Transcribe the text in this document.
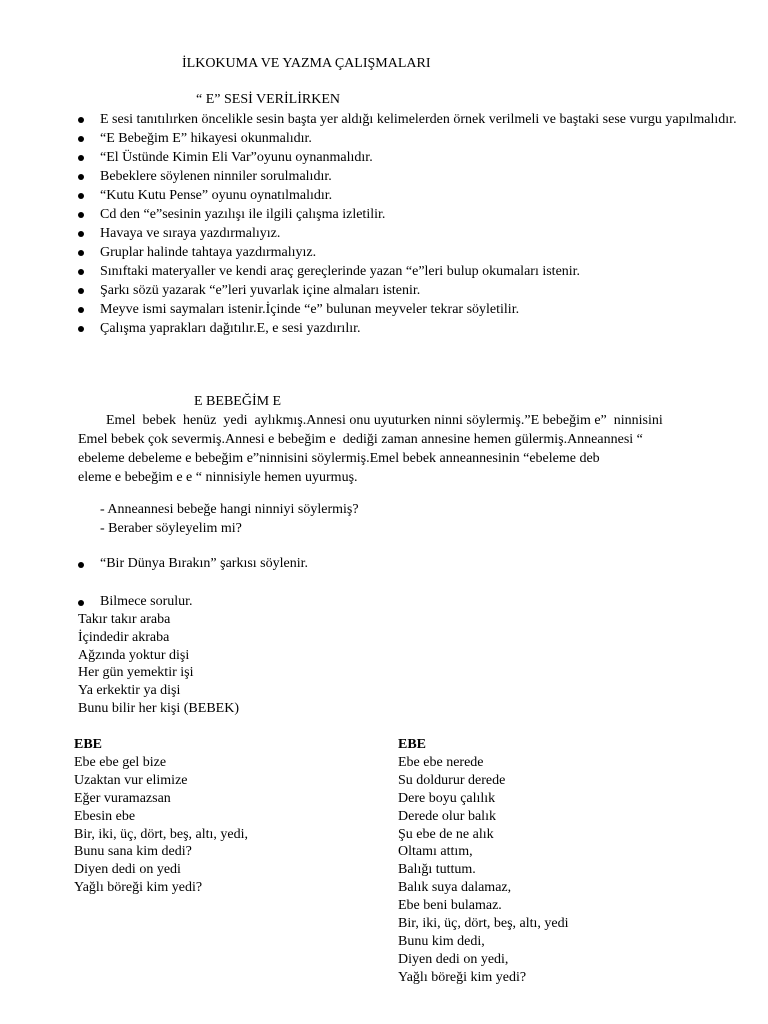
İLKOKUMA VE YAZMA ÇALIŞMALARI
“ E” SESİ VERİLİRKEN
E sesi tanıtılırken öncelikle sesin başta yer aldığı kelimelerden örnek verilmeli ve baştaki sese vurgu yapılmalıdır.
“E Bebeğim E” hikayesi okunmalıdır.
“El Üstünde Kimin Eli Var”oyunu oynanmalıdır.
Bebeklere söylenen ninniler sorulmalıdır.
“Kutu Kutu Pense” oyunu oynatılmalıdır.
Cd den “e”sesinin yazılışı ile ilgili çalışma izletilir.
Havaya ve sıraya yazdırmalıyız.
Gruplar halinde tahtaya yazdırmalıyız.
Sınıftaki materyaller ve kendi araç gereçlerinde yazan “e”leri bulup okumaları istenir.
Şarkı sözü yazarak “e”leri yuvarlak içine almaları istenir.
Meyve ismi saymaları istenir.İçinde “e” bulunan meyveler tekrar söyletilir.
Çalışma yaprakları dağıtılır.E, e sesi yazdırılır.
E BEBEĞİM E

Emel  bebek  henüz  yedi  aylıkmış.Annesi onu uyuturken ninni söylermiş.”E bebeğim e”  ninnisini

Emel bebek çok severmiş.Annesi e bebeğim e  dediği zaman annesine hemen gülermiş.Anneannesi “

ebeleme debeleme e bebeğim e”ninnisini söylermiş.Emel bebek anneannesinin “ebeleme deb

eleme e bebeğim e e “ ninnisiyle hemen uyurmuş.

- Anneannesi bebeğe hangi ninniyi söylermiş?
- Beraber söyleyelim mi?
“Bir Dünya Bırakın” şarkısı söylenir.
Bilmece sorulur.
Takır takır araba
İçindedir akraba
Ağzında yoktur dişi
Her gün yemektir işi
Ya erkektir ya dişi
Bunu bilir her kişi (BEBEK)
EBE
Ebe ebe gel bize
Uzaktan vur elimize
Eğer vuramazsan
Ebesin ebe
Bir, iki, üç, dört, beş, altı, yedi,
Bunu sana kim dedi?
Diyen dedi on yedi
Yağlı böreği kim yedi?
EBE
Ebe ebe nerede
Su doldurur derede
Dere boyu çalılık
Derede olur balık
Şu ebe de ne alık
Oltamı attım,
Balığı tuttum.
Balık suya dalamaz,
Ebe beni bulamaz.
Bir, iki, üç, dört, beş, altı, yedi
Bunu kim dedi,
Diyen dedi on yedi,
Yağlı böreği kim yedi?
